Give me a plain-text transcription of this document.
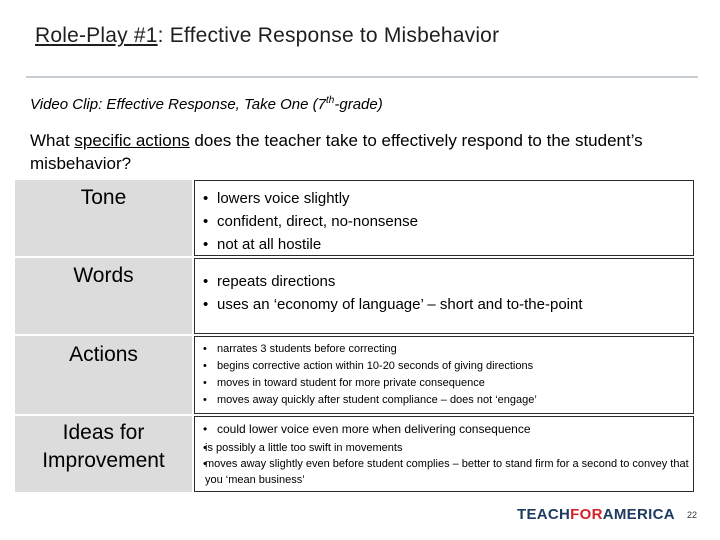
Role-Play #1: Effective Response to Misbehavior
Video Clip: Effective Response, Take One (7th-grade)
What specific actions does the teacher take to effectively respond to the student’s misbehavior?
Tone	• lowers voice slightly
• confident, direct, no-nonsense
• not at all hostile
Words	• repeats directions
• uses an ‘economy of language’ – short and to-the-point
Actions	• narrates 3 students before correcting
• begins corrective action within 10-20 seconds of giving directions
• moves in toward student for more private consequence
• moves away quickly after student compliance – does not ‘engage’
Ideas for Improvement
• could lower voice even more when delivering consequence
• is possibly a little too swift in movements
• moves away slightly even before student complies – better to stand firm for a second to convey that you ‘mean business’
TEACHFORAMERICA 22
